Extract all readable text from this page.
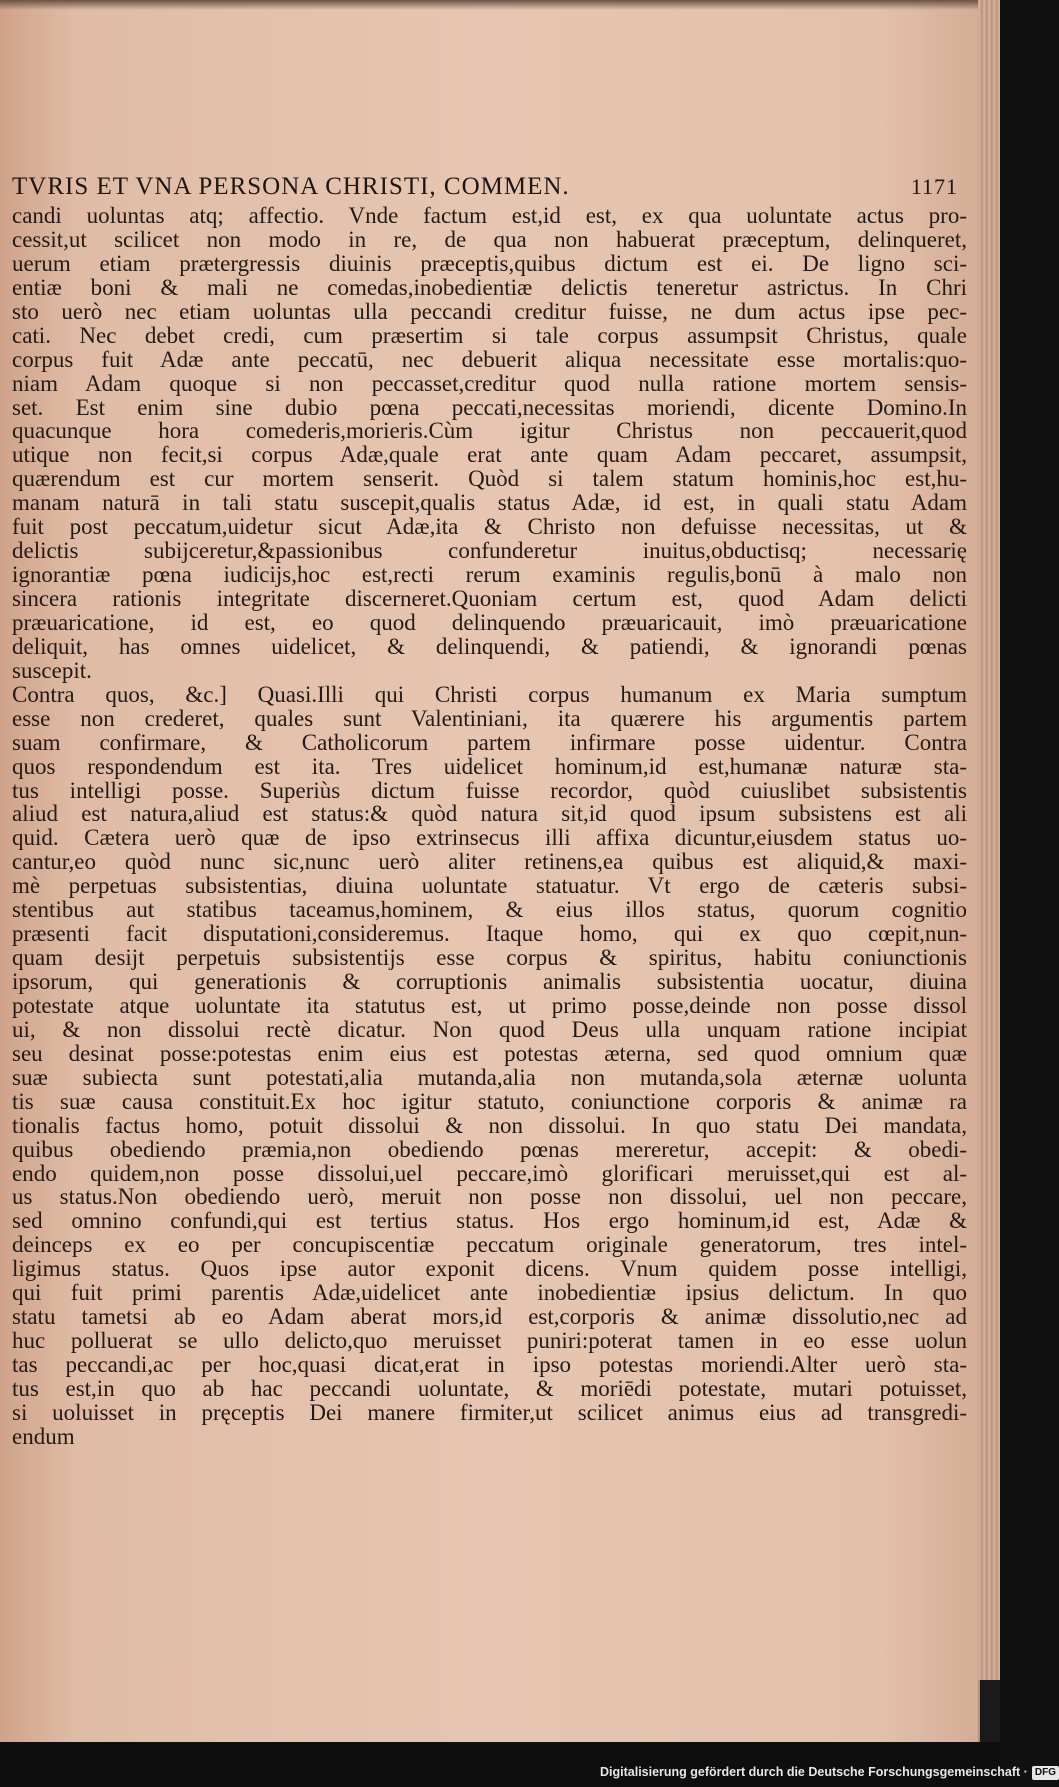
TVRIS ET VNA PERSONA CHRISTI, COMMEN.	1171
candi uoluntas atq; affectio. Vnde factum est,id est, ex qua uoluntate actus pro-
cessit,ut scilicet non modo in re, de qua non habuerat præceptum, delinqueret,
uerum etiam prætergressis diuinis præceptis,quibus dictum est ei. De ligno sci-
entiæ boni & mali ne comedas,inobedientiæ delictis teneretur astrictus. In Chri
sto uerò nec etiam uoluntas ulla peccandi creditur fuisse, ne dum actus ipse pec-
cati. Nec debet credi, cum præsertim si tale corpus assumpsit Christus, quale
corpus fuit Adæ ante peccatū, nec debuerit aliqua necessitate esse mortalis:quo-
niam Adam quoque si non peccasset,creditur quod nulla ratione mortem sensis-
set. Est enim sine dubio pœna peccati,necessitas moriendi, dicente Domino.In
quacunque hora comederis,morieris.Cùm igitur Christus non peccauerit,quod
utique non fecit,si corpus Adæ,quale erat ante quam Adam peccaret, assumpsit,
quærendum est cur mortem senserit. Quòd si talem statum hominis,hoc est,hu-
manam naturā in tali statu suscepit,qualis status Adæ, id est, in quali statu Adam
fuit post peccatum,uidetur sicut Adæ,ita & Christo non defuisse necessitas, ut &
delictis subijceretur,&passionibus confunderetur inuitus,obductisq; necessarię
ignorantiæ pœna iudicijs,hoc est,recti rerum examinis regulis,bonū à malo non
sincera rationis integritate discerneret.Quoniam certum est, quod Adam delicti
præuaricatione, id est, eo quod delinquendo præuaricauit, imò præuaricatione
deliquit, has omnes uidelicet, & delinquendi, & patiendi, & ignorandi pœnas
suscepit.
Contra quos, &c.] Quasi.Illi qui Christi corpus humanum ex Maria sumptum
esse non crederet, quales sunt Valentiniani, ita quærere his argumentis partem
suam confirmare, & Catholicorum partem infirmare posse uidentur. Contra
quos respondendum est ita. Tres uidelicet hominum,id est,humanæ naturæ sta-
tus intelligi posse. Superiùs dictum fuisse recordor, quòd cuiuslibet subsistentis
aliud est natura,aliud est status:& quòd natura sit,id quod ipsum subsistens est ali
quid. Cætera uerò quæ de ipso extrinsecus illi affixa dicuntur,eiusdem status uo-
cantur,eo quòd nunc sic,nunc uerò aliter retinens,ea quibus est aliquid,& maxi-
mè perpetuas subsistentias, diuina uoluntate statuatur. Vt ergo de cæteris subsi-
stentibus aut statibus taceamus,hominem, & eius illos status, quorum cognitio
præsenti facit disputationi,consideremus. Itaque homo, qui ex quo cœpit,nun-
quam desijt perpetuis subsistentijs esse corpus & spiritus, habitu coniunctionis
ipsorum, qui generationis & corruptionis animalis subsistentia uocatur, diuina
potestate atque uoluntate ita statutus est, ut primo posse,deinde non posse dissol
ui, & non dissolui rectè dicatur. Non quod Deus ulla unquam ratione incipiat
seu desinat posse:potestas enim eius est potestas æterna, sed quod omnium quæ
suæ subiecta sunt potestati,alia mutanda,alia non mutanda,sola æternæ uolunta
tis suæ causa constituit.Ex hoc igitur statuto, coniunctione corporis & animæ ra
tionalis factus homo, potuit dissolui & non dissolui. In quo statu Dei mandata,
quibus obediendo præmia,non obediendo pœnas mereretur, accepit: & obedi-
endo quidem,non posse dissolui,uel peccare,imò glorificari meruisset,qui est al-
us status.Non obediendo uerò, meruit non posse non dissolui, uel non peccare,
sed omnino confundi,qui est tertius status. Hos ergo hominum,id est, Adæ &
deinceps ex eo per concupiscentiæ peccatum originale generatorum, tres intel-
ligimus status. Quos ipse autor exponit dicens. Vnum quidem posse intelligi,
qui fuit primi parentis Adæ,uidelicet ante inobedientiæ ipsius delictum. In quo
statu tametsi ab eo Adam aberat mors,id est,corporis & animæ dissolutio,nec ad
huc polluerat se ullo delicto,quo meruisset puniri:poterat tamen in eo esse uolun
tas peccandi,ac per hoc,quasi dicat,erat in ipso potestas moriendi.Alter uerò sta-
tus est,in quo ab hac peccandi uoluntate, & moriēdi potestate, mutari potuisset,
si uoluisset in pręceptis Dei manere firmiter,ut scilicet animus eius ad transgredi-
endum
Digitalisierung gefördert durch die Deutsche Forschungsgemeinschaft · DFG
